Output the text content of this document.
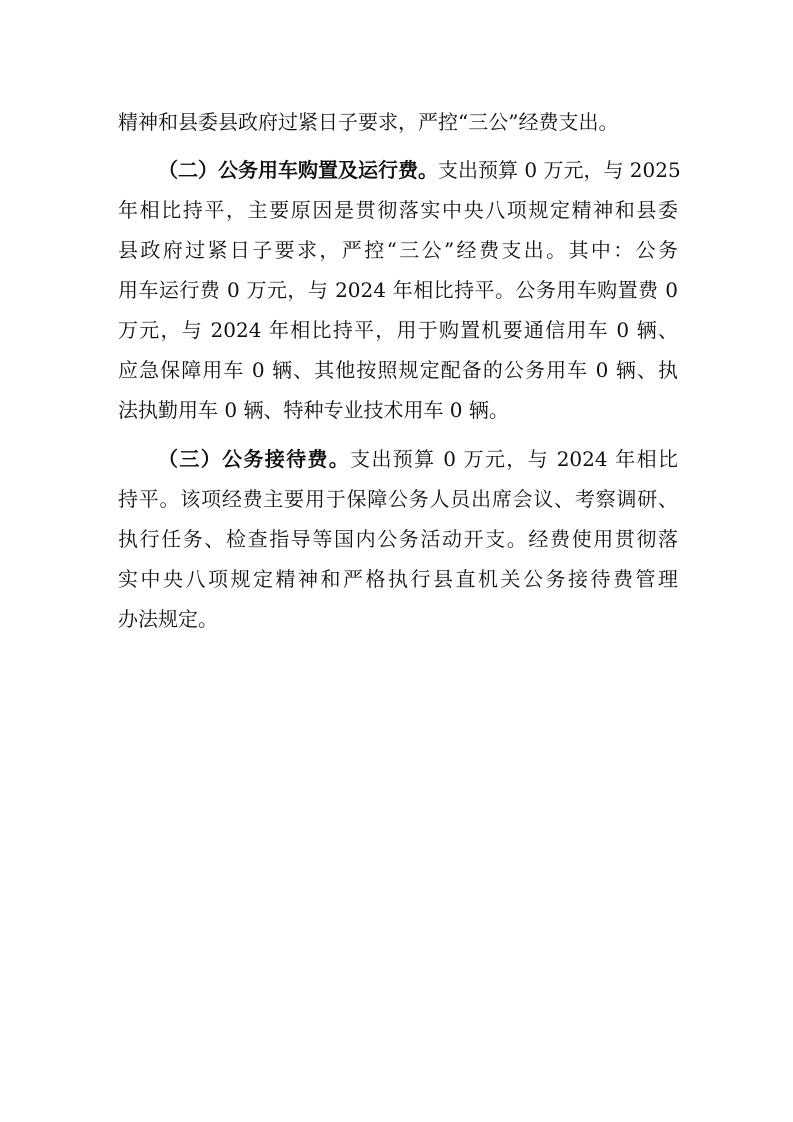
精神和县委县政府过紧日子要求，严控“三公”经费支出。
（二）公务用车购置及运行费。支出预算 0 万元，与 2025
年相比持平，主要原因是贯彻落实中央八项规定精神和县委
县政府过紧日子要求，严控“三公”经费支出。其中：公务
用车运行费 0 万元，与 2024 年相比持平。公务用车购置费 0
万元，与 2024 年相比持平，用于购置机要通信用车 0 辆、
应急保障用车 0 辆、其他按照规定配备的公务用车 0 辆、执
法执勤用车 0 辆、特种专业技术用车 0 辆。
（三）公务接待费。支出预算 0 万元，与 2024 年相比
持平。该项经费主要用于保障公务人员出席会议、考察调研、
执行任务、检查指导等国内公务活动开支。经费使用贯彻落
实中央八项规定精神和严格执行县直机关公务接待费管理
办法规定。
